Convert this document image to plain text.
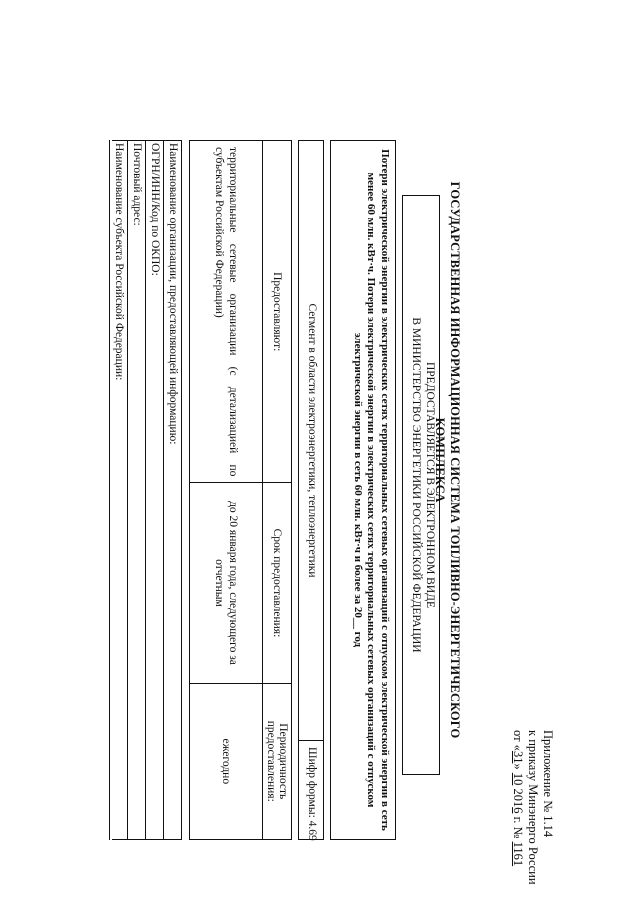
Приложение № 1.14
к приказу Минэнерго России
от «31» 10 2016 г. № 1161
ГОСУДАРСТВЕННАЯ ИНФОРМАЦИОННАЯ СИСТЕМА ТОПЛИВНО-ЭНЕРГЕТИЧЕСКОГО КОМПЛЕКСА
ПРЕДОСТАВЛЯЕТСЯ В ЭЛЕКТРОННОМ ВИДЕ
В МИНИСТЕРСТВО ЭНЕРГЕТИКИ РОССИЙСКОЙ ФЕДЕРАЦИИ
Потери электрической энергии в электрических сетях территориальных сетевых организаций с отпуском электрической энергии в сеть менее 60 млн. кВт·ч. Потери электрической энергии в электрических сетях территориальных сетевых организаций с отпуском электрической энергии в сеть 60 млн. кВт·ч и более за 20__ год
Сегмент в области электроэнергетики, теплоэнергетики
Шифр формы: 4.69
Предоставляют:	Срок предоставления:	Периодичность предоставления:
территориальные сетевые организации (с детализацией по субъектам Российской Федерации)	до 20 января года, следующего за отчетным	ежегодно
Наименование организации, предоставляющей информацию:
ОГРН/ИНН/Код по ОКПО:
Почтовый адрес:
Наименование субъекта Российской Федерации:
